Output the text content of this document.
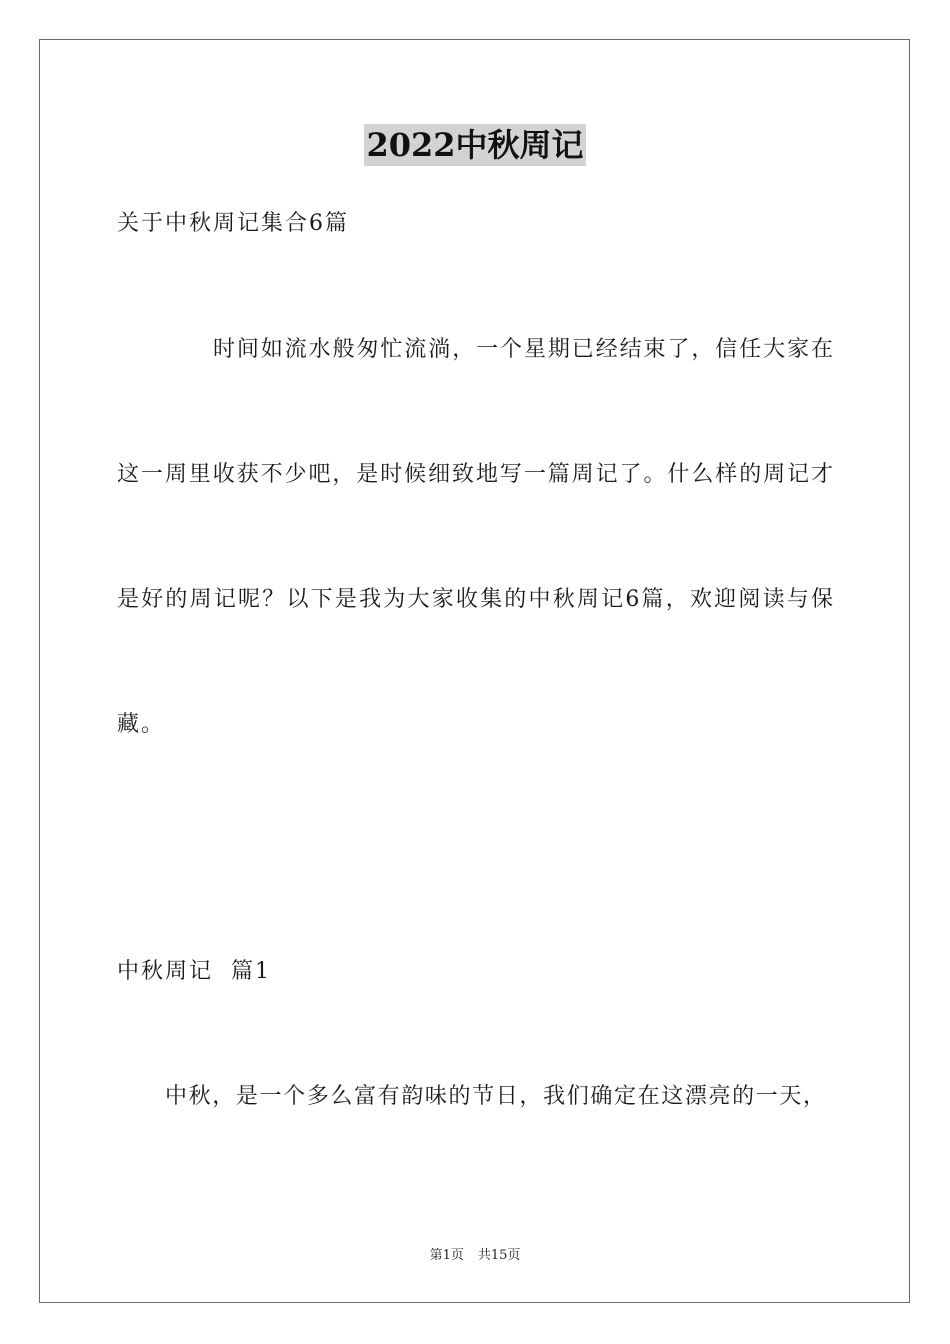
2022中秋周记
关于中秋周记集合6篇
时间如流水般匆忙流淌，一个星期已经结束了，信任大家在
这一周里收获不少吧，是时候细致地写一篇周记了。什么样的周记才
是好的周记呢？以下是我为大家收集的中秋周记6篇，欢迎阅读与保
藏。
中秋周记  篇1
中秋，是一个多么富有韵味的节日，我们确定在这漂亮的一天，
第1页 共15页
